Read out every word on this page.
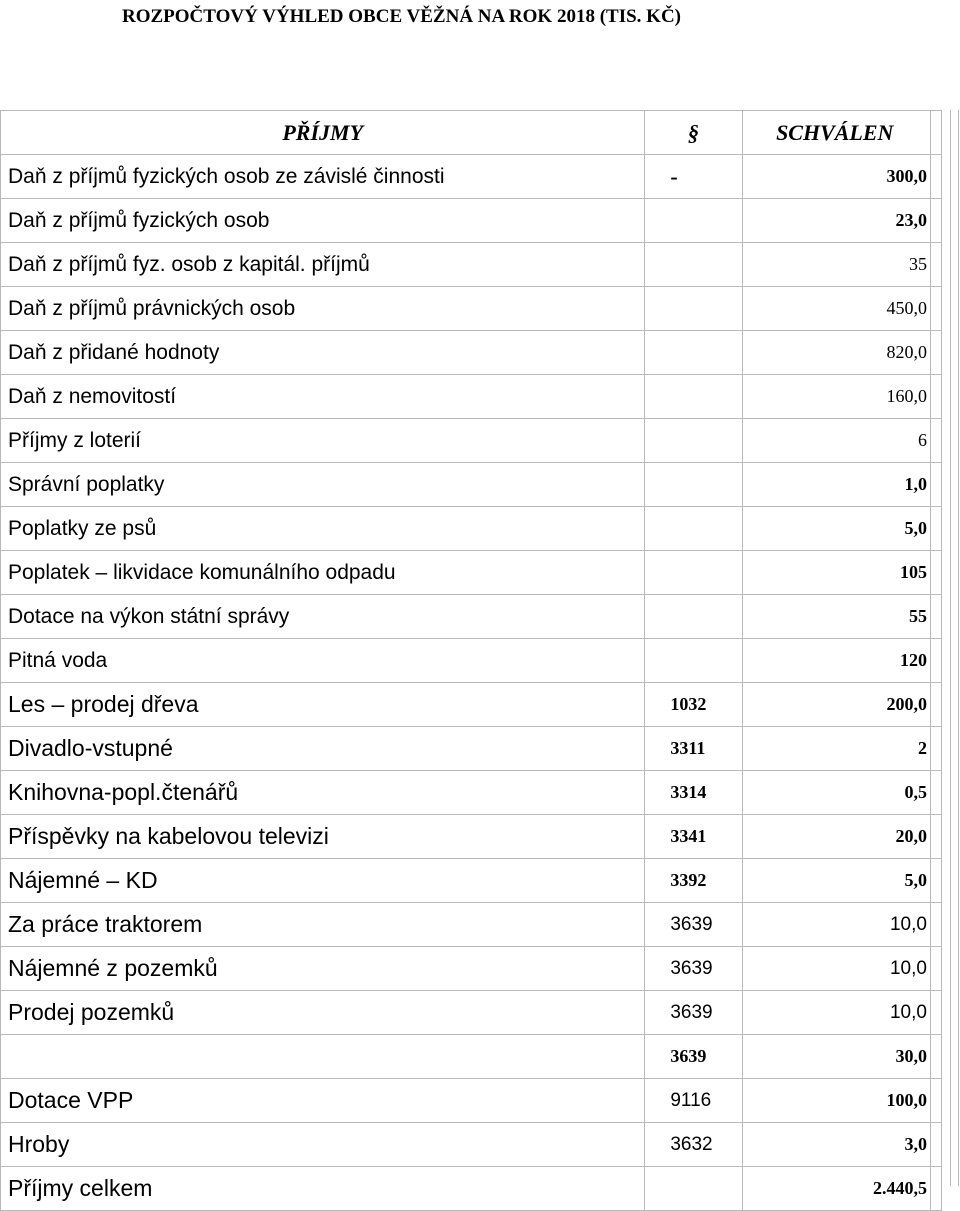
ROZPOČTOVÝ VÝHLED OBCE VĚŽNÁ NA ROK 2018 (TIS. KČ)
PŘÍJMY	§	SCHVÁLEN	
Daň z příjmů fyzických osob ze závislé činnosti	-	300,0	
Daň z příjmů fyzických osob		23,0	
Daň z příjmů fyz. osob z kapitál. příjmů		35	
Daň z příjmů právnických osob		450,0	
Daň z přidané hodnoty		820,0	
Daň z nemovitostí		160,0	
Příjmy z loterií		6	
Správní poplatky		1,0	
Poplatky ze psů		5,0	
Poplatek – likvidace komunálního odpadu		105	
Dotace na výkon státní správy		55	
Pitná voda		120	
Les – prodej dřeva	1032	200,0	
Divadlo-vstupné	3311	2	
Knihovna-popl.čtenářů	3314	0,5	
Příspěvky na kabelovou televizi	3341	20,0	
Nájemné – KD	3392	5,0	
Za práce traktorem	3639	10,0	
Nájemné z pozemků	3639	10,0	
Prodej pozemků	3639	10,0	
	3639	30,0	
Dotace VPP	9116	100,0	
Hroby	3632	3,0	
Příjmy celkem		2.440,5	
